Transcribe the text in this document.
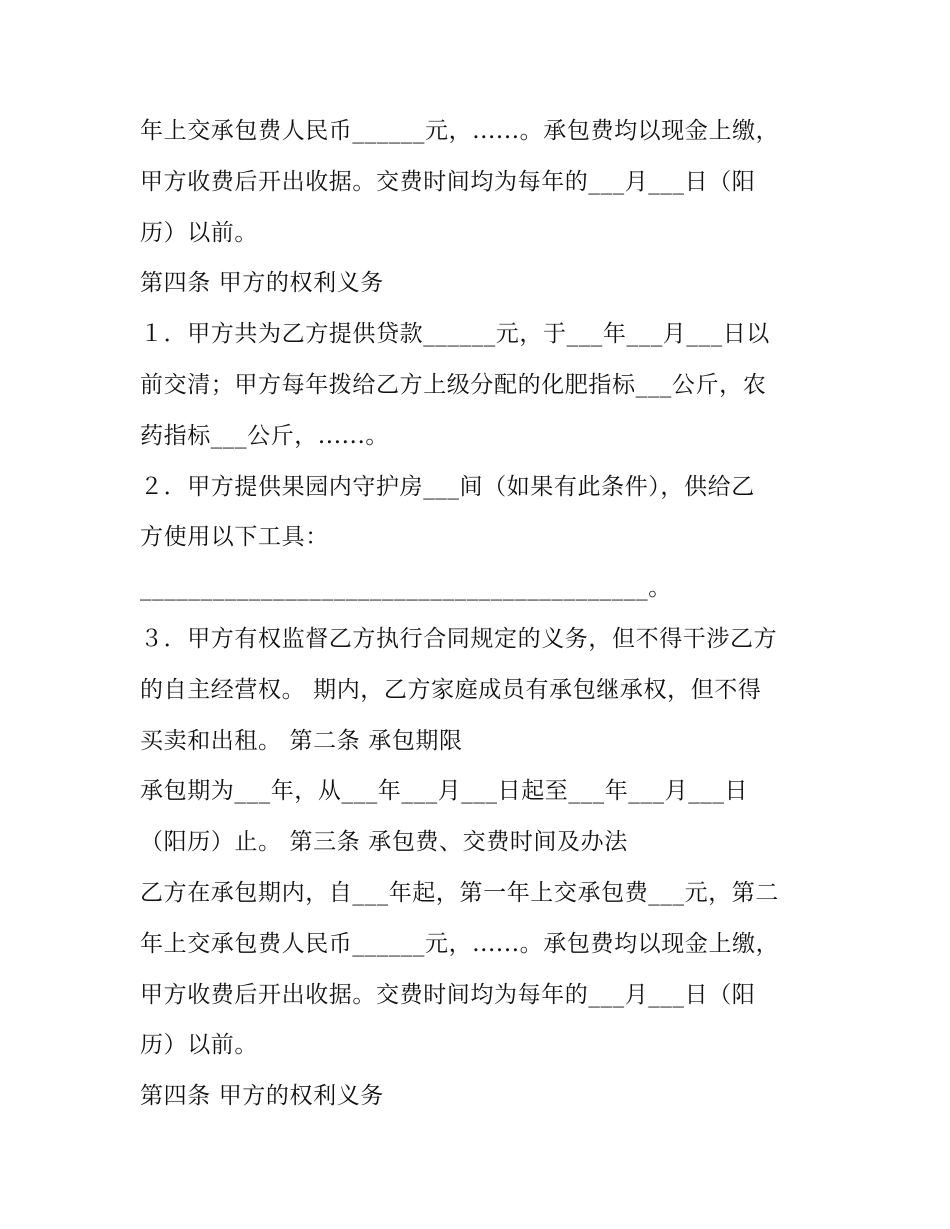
年上交承包费人民币______元，......。承包费均以现金上缴，
甲方收费后开出收据。交费时间均为每年的___月___日（阳
历）以前。
第四条 甲方的权利义务
１．甲方共为乙方提供贷款______元，于___年___月___日以
前交清；甲方每年拨给乙方上级分配的化肥指标___公斤，农
药指标___公斤，......。
２．甲方提供果园内守护房___间（如果有此条件），供给乙
方使用以下工具：
__________________________________________。
３．甲方有权监督乙方执行合同规定的义务，但不得干涉乙方
的自主经营权。 期内，乙方家庭成员有承包继承权，但不得
买卖和出租。 第二条 承包期限
承包期为___年，从___年___月___日起至___年___月___日
（阳历）止。 第三条 承包费、交费时间及办法
乙方在承包期内，自___年起，第一年上交承包费___元，第二
年上交承包费人民币______元，......。承包费均以现金上缴，
甲方收费后开出收据。交费时间均为每年的___月___日（阳
历）以前。
第四条 甲方的权利义务
